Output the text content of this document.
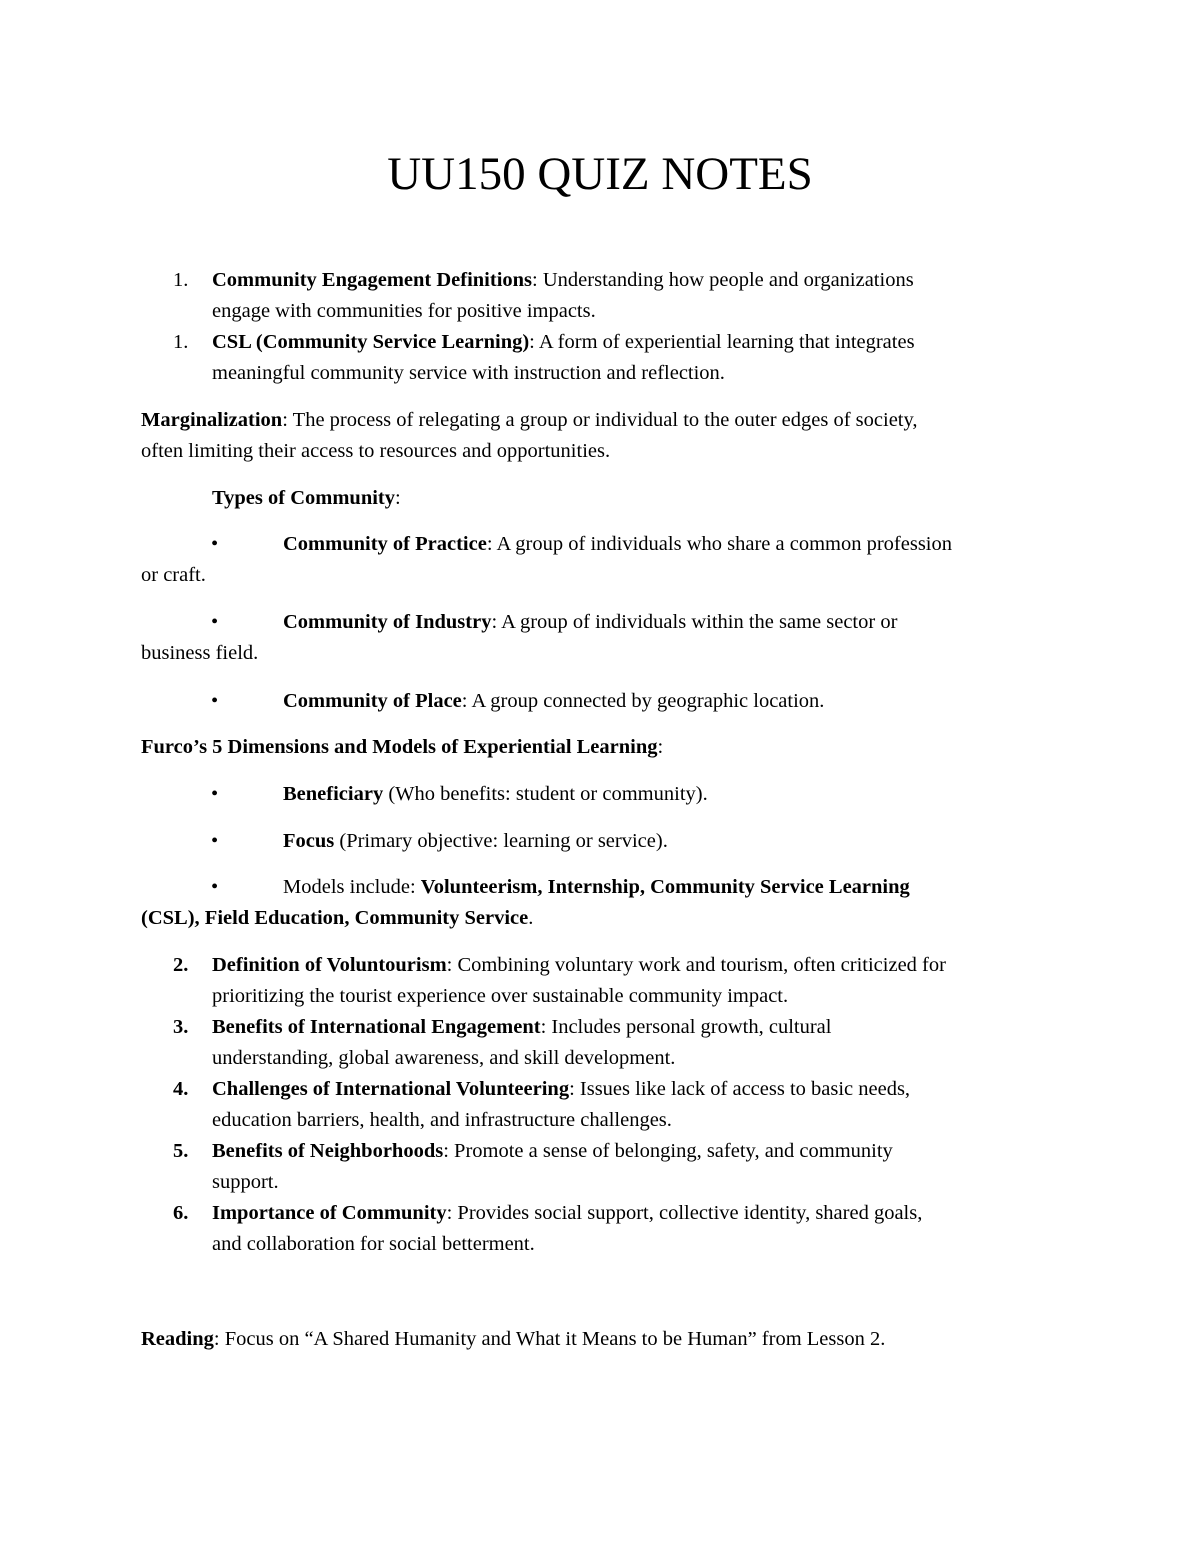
UU150 QUIZ NOTES
1.	Community Engagement Definitions: Understanding how people and organizations
engage with communities for positive impacts.
1.	CSL (Community Service Learning): A form of experiential learning that integrates
meaningful community service with instruction and reflection.
Marginalization: The process of relegating a group or individual to the outer edges of society,
often limiting their access to resources and opportunities.
Types of Community:
•	Community of Practice: A group of individuals who share a common profession
or craft.
•	Community of Industry: A group of individuals within the same sector or
business field.
•	Community of Place: A group connected by geographic location.
Furco’s 5 Dimensions and Models of Experiential Learning:
•	Beneficiary (Who benefits: student or community).
•	Focus (Primary objective: learning or service).
•	Models include: Volunteerism, Internship, Community Service Learning
(CSL), Field Education, Community Service.
2.	Definition of Voluntourism: Combining voluntary work and tourism, often criticized for
prioritizing the tourist experience over sustainable community impact.
3.	Benefits of International Engagement: Includes personal growth, cultural
understanding, global awareness, and skill development.
4.	Challenges of International Volunteering: Issues like lack of access to basic needs,
education barriers, health, and infrastructure challenges.
5.	Benefits of Neighborhoods: Promote a sense of belonging, safety, and community
support.
6.	Importance of Community: Provides social support, collective identity, shared goals,
and collaboration for social betterment.
Reading: Focus on “A Shared Humanity and What it Means to be Human” from Lesson 2.
